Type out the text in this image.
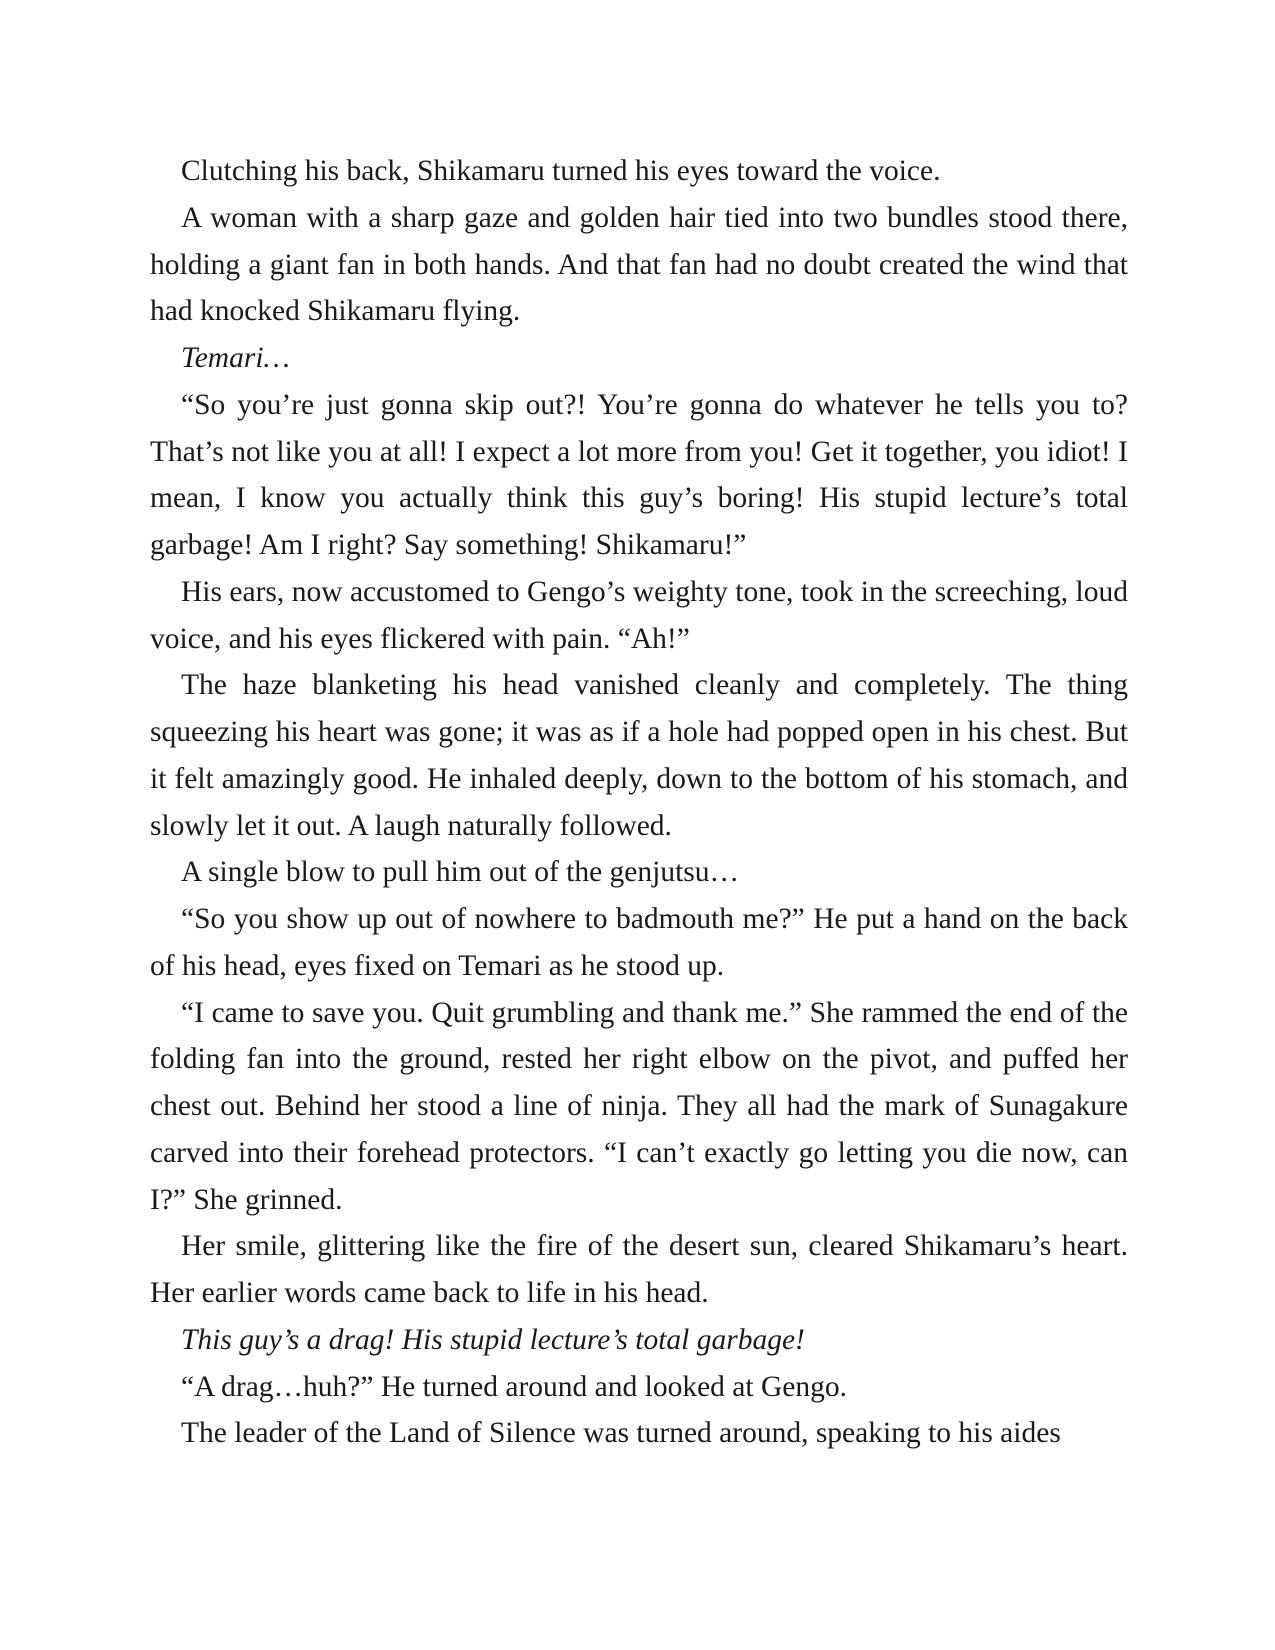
Clutching his back, Shikamaru turned his eyes toward the voice.

A woman with a sharp gaze and golden hair tied into two bundles stood there, holding a giant fan in both hands. And that fan had no doubt created the wind that had knocked Shikamaru flying.

Temari…

“So you’re just gonna skip out?! You’re gonna do whatever he tells you to? That’s not like you at all! I expect a lot more from you! Get it together, you idiot! I mean, I know you actually think this guy’s boring! His stupid lecture’s total garbage! Am I right? Say something! Shikamaru!”

His ears, now accustomed to Gengo’s weighty tone, took in the screeching, loud voice, and his eyes flickered with pain. “Ah!”

The haze blanketing his head vanished cleanly and completely. The thing squeezing his heart was gone; it was as if a hole had popped open in his chest. But it felt amazingly good. He inhaled deeply, down to the bottom of his stomach, and slowly let it out. A laugh naturally followed.

A single blow to pull him out of the genjutsu…

“So you show up out of nowhere to badmouth me?” He put a hand on the back of his head, eyes fixed on Temari as he stood up.

“I came to save you. Quit grumbling and thank me.” She rammed the end of the folding fan into the ground, rested her right elbow on the pivot, and puffed her chest out. Behind her stood a line of ninja. They all had the mark of Sunagakure carved into their forehead protectors. “I can’t exactly go letting you die now, can I?” She grinned.

Her smile, glittering like the fire of the desert sun, cleared Shikamaru’s heart. Her earlier words came back to life in his head.

This guy’s a drag! His stupid lecture’s total garbage!

“A drag…huh?” He turned around and looked at Gengo.

The leader of the Land of Silence was turned around, speaking to his aides
